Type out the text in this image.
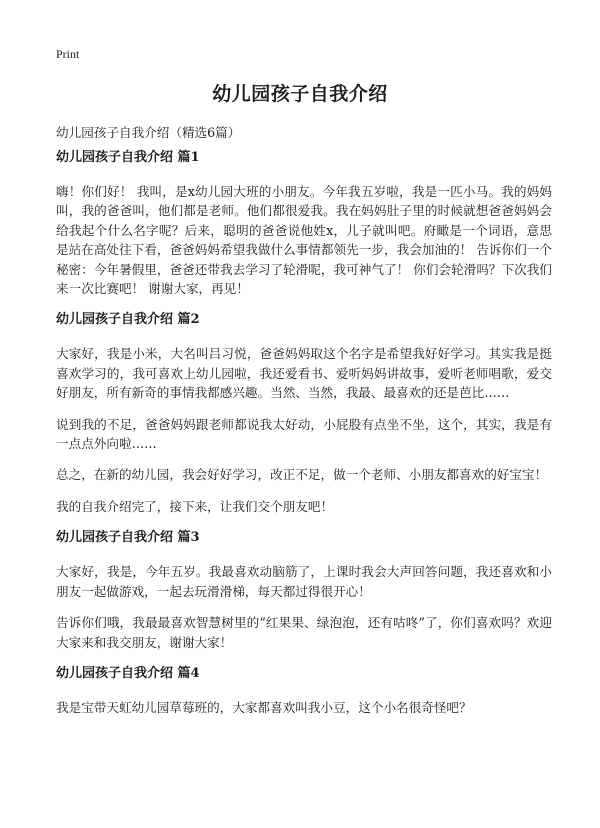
Print
幼儿园孩子自我介绍
幼儿园孩子自我介绍（精选6篇）
幼儿园孩子自我介绍 篇1

嗨！你们好！ 我叫，是x幼儿园大班的小朋友。今年我五岁啦，我是一匹小马。我的妈妈叫，我的爸爸叫，他们都是老师。他们都很爱我。我在妈妈肚子里的时候就想爸爸妈妈会给我起个什么名字呢？后来，聪明的爸爸说他姓x，儿子就叫吧。府瞰是一个词语，意思是站在高处往下看，爸爸妈妈希望我做什么事情都领先一步，我会加油的！ 告诉你们一个秘密：今年暑假里，爸爸还带我去学习了轮滑呢，我可神气了！ 你们会轮滑吗？下次我们来一次比赛吧！ 谢谢大家，再见！

幼儿园孩子自我介绍 篇2

大家好，我是小米，大名叫吕习悦，爸爸妈妈取这个名字是希望我好好学习。其实我是挺喜欢学习的，我可喜欢上幼儿园啦，我还爱看书、爱听妈妈讲故事，爱听老师唱歌，爱交好朋友，所有新奇的事情我都感兴趣。当然、当然，我最、最喜欢的还是芭比……

说到我的不足，爸爸妈妈跟老师都说我太好动，小屁股有点坐不坐，这个，其实，我是有一点点外向啦……

总之，在新的幼儿园，我会好好学习，改正不足，做一个老师、小朋友都喜欢的好宝宝！

我的自我介绍完了，接下来，让我们交个朋友吧！

幼儿园孩子自我介绍 篇3

大家好，我是，今年五岁。我最喜欢动脑筋了，上课时我会大声回答问题，我还喜欢和小朋友一起做游戏，一起去玩滑滑梯，每天都过得很开心！

告诉你们哦，我最最喜欢智慧树里的“红果果、绿泡泡，还有咕咚”了，你们喜欢吗？欢迎大家来和我交朋友，谢谢大家！

幼儿园孩子自我介绍 篇4

我是宝带天虹幼儿园草莓班的，大家都喜欢叫我小豆，这个小名很奇怪吧？
